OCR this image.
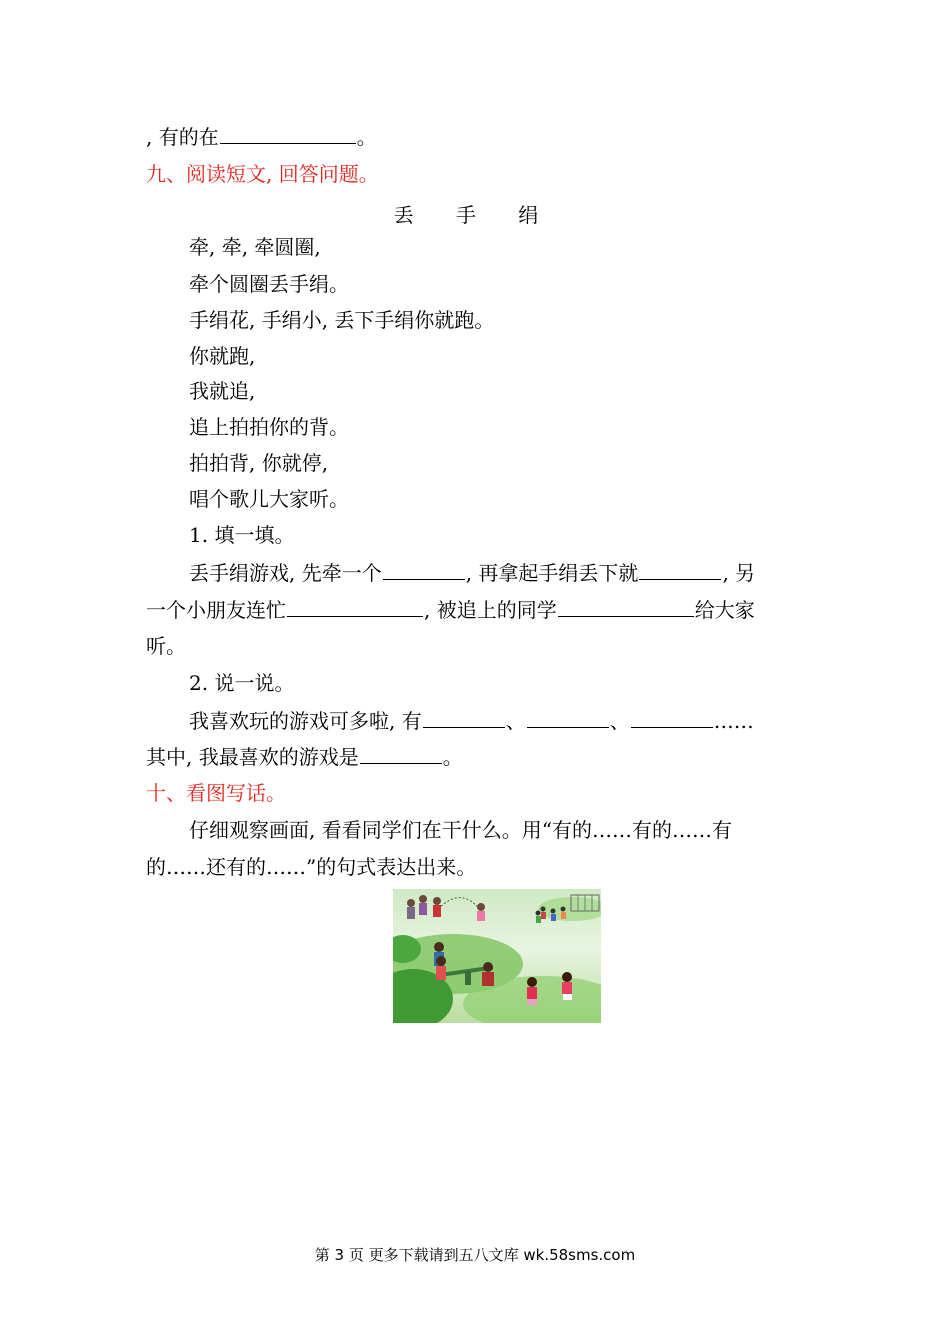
, 有的在	。
九、阅读短文, 回答问题。
丢 手 绢
牵, 牵, 牵圆圈,
牵个圆圈丢手绢。
手绢花, 手绢小, 丢下手绢你就跑。
你就跑,
我就追,
追上拍拍你的背。
拍拍背, 你就停,
唱个歌儿大家听。
1. 填一填。
丢手绢游戏, 先牵一个	, 再拿起手绢丢下就	, 另
一个小朋友连忙	, 被追上的同学	给大家
听。
2. 说一说。
我喜欢玩的游戏可多啦, 有	、	、	……
其中, 我最喜欢的游戏是	。
十、看图写话。
仔细观察画面, 看看同学们在干什么。用“有的……有的……有
的……还有的……”的句式表达出来。
第 3 页 更多下载请到五八文库 wk.58sms.com
